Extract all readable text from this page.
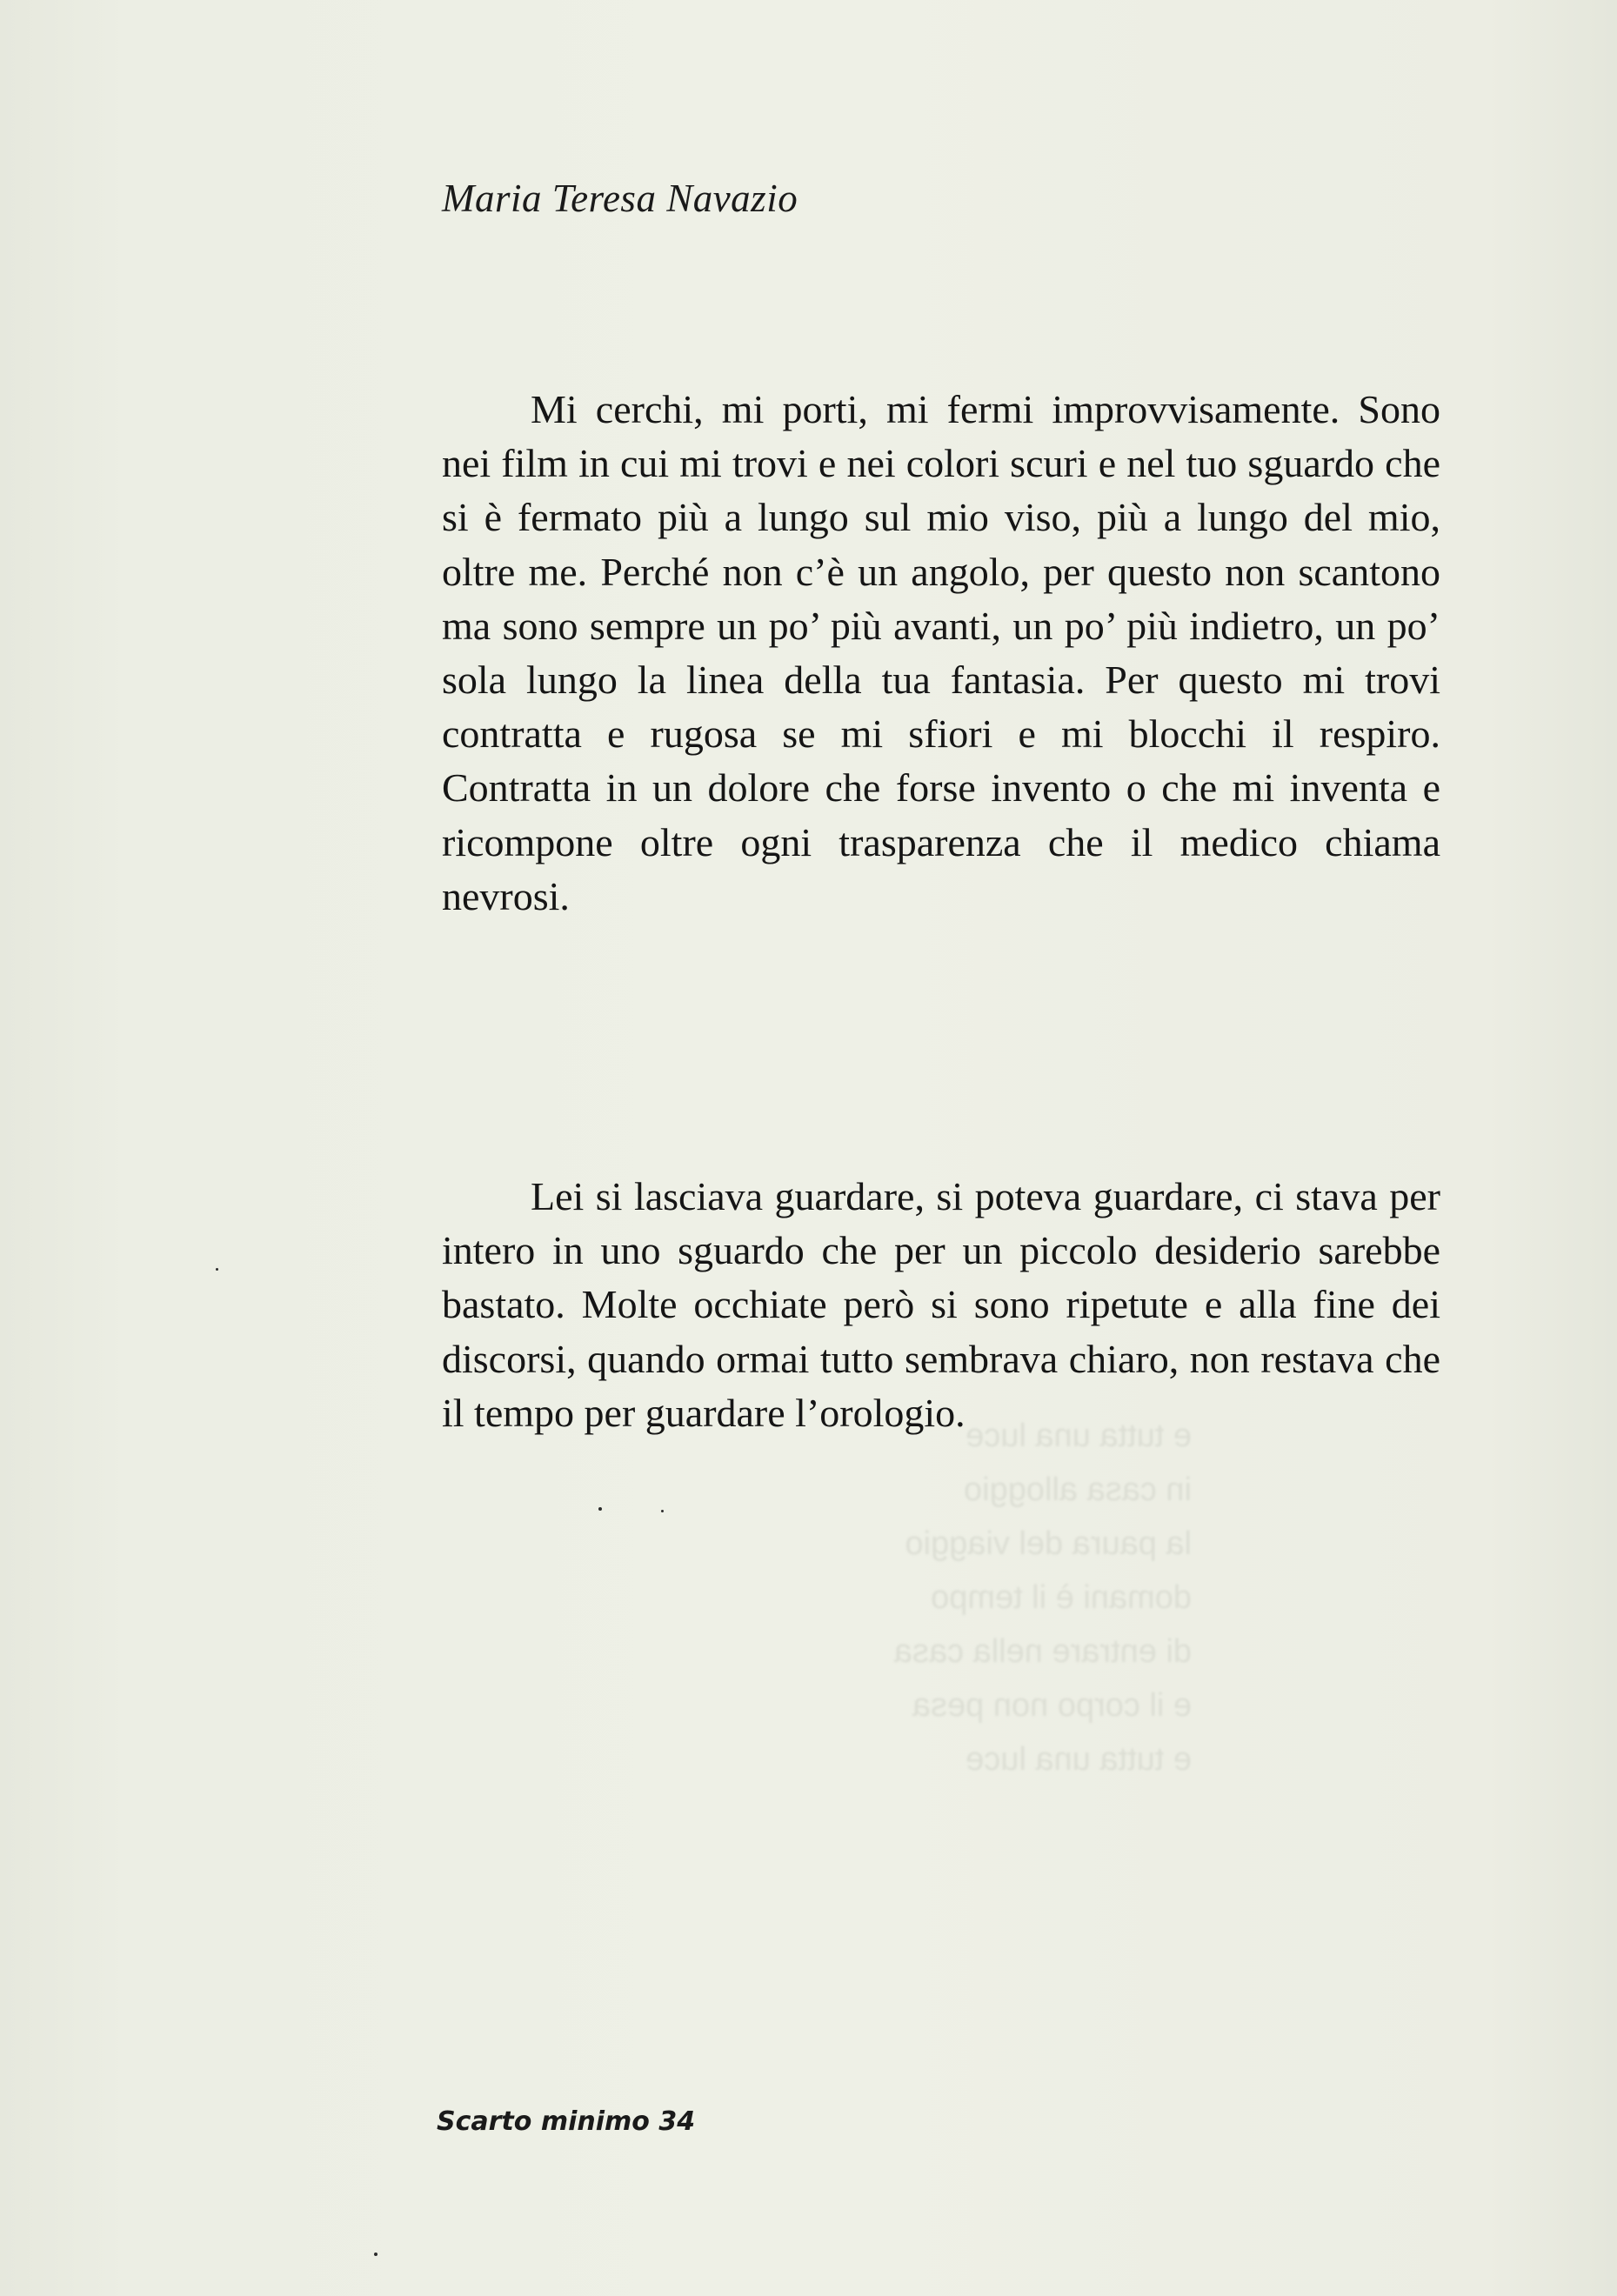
e tutta una luce
in casa alloggio
la paura del viaggio
domani è il tempo
di entrare nella casa
e il corpo non pesa
e tutta una luce
Maria Teresa Navazio

Mi cerchi, mi porti, mi fermi improvvisamente. Sono nei film in cui mi trovi e nei colori scuri e nel tuo sguardo che si è fermato più a lungo sul mio viso, più a lungo del mio, oltre me. Perché non c’è un angolo, per questo non scantono ma sono sempre un po’ più avanti, un po’ più indietro, un po’ sola lungo la linea della tua fantasia. Per questo mi trovi contratta e rugosa se mi sfiori e mi blocchi il respiro. Contratta in un dolore che forse invento o che mi inventa e ricompone oltre ogni trasparenza che il medico chiama nevrosi.

Lei si lasciava guardare, si poteva guardare, ci stava per intero in uno sguardo che per un piccolo desiderio sarebbe bastato. Molte occhiate però si sono ripetute e alla fine dei discorsi, quando ormai tutto sembrava chiaro, non restava che il tempo per guardare l’orologio.

Scarto minimo 34
